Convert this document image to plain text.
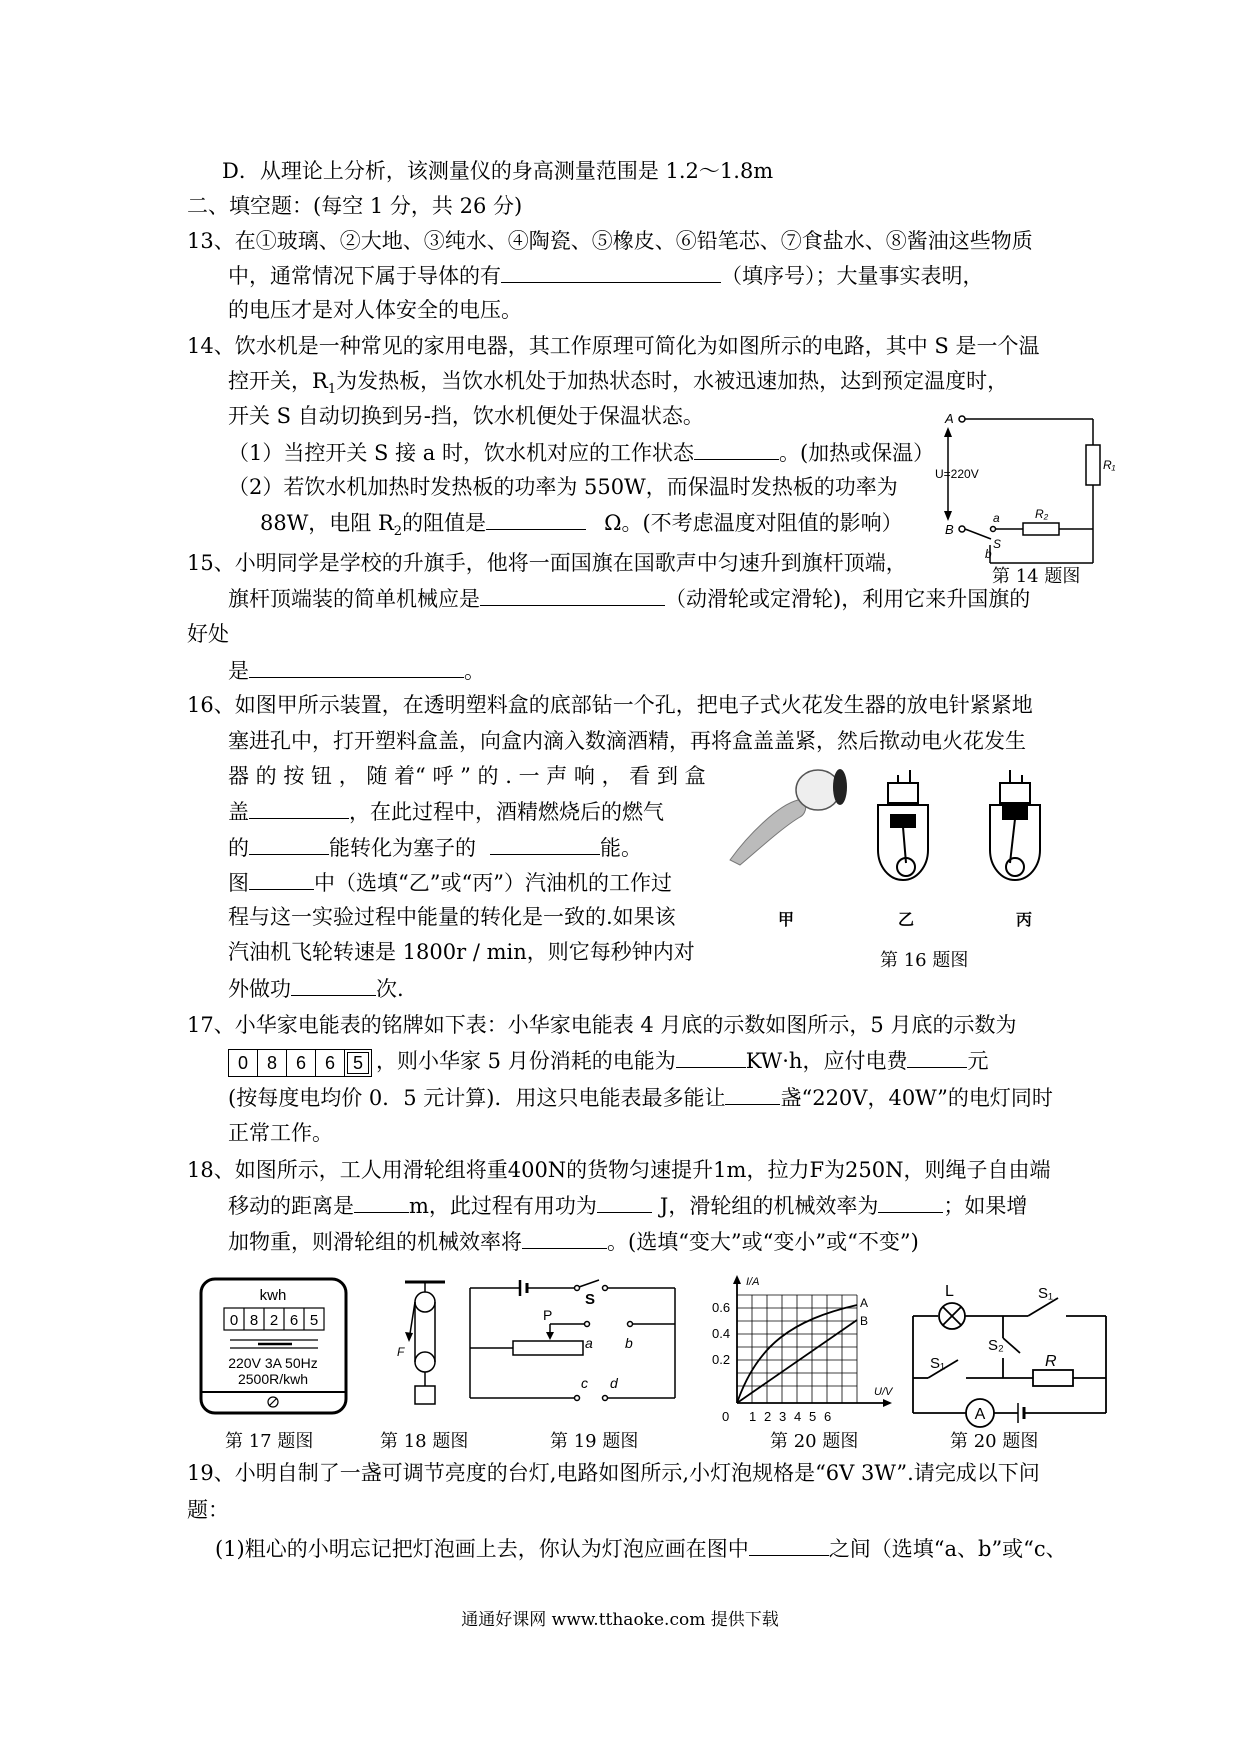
D．从理论上分析，该测量仪的身高测量范围是 1.2～1.8m
二、填空题：(每空 1 分，共 26 分)
13、在①玻璃、②大地、③纯水、④陶瓷、⑤橡皮、⑥铅笔芯、⑦食盐水、⑧酱油这些物质
中，通常情况下属于导体的有	（填序号）；大量事实表明，
的电压才是对人体安全的电压。
14、饮水机是一种常见的家用电器，其工作原理可简化为如图所示的电路，其中 S 是一个温
控开关，$R_1$为发热板，当饮水机处于加热状态时，水被迅速加热，达到预定温度时，
开关 S 自动切换到另-挡，饮水机便处于保温状态。
（1）当控开关 S 接 a 时，饮水机对应的工作状态	。(加热或保温）
（2）若饮水机加热时发热板的功率为 550W，而保温时发热板的功率为
88W，电阻 $R_2$的阻值是	Ω。(不考虑温度对阻值的影响）
15、小明同学是学校的升旗手，他将一面国旗在国歌声中匀速升到旗杆顶端，
旗杆顶端装的简单机械应是	（动滑轮或定滑轮)，利用它来升国旗的
好处
是	。
16、如图甲所示装置，在透明塑料盒的底部钻一个孔，把电子式火花发生器的放电针紧紧地
塞进孔中，打开塑料盒盖，向盒内滴入数滴酒精，再将盒盖盖紧，然后揿动电火花发生
器 的 按 钮 ， 随 着“ 呼 ” 的 . 一 声 响 ， 看 到 盒
盖	，在此过程中，酒精燃烧后的燃气
的	能转化为塞子的	能。
图	中（选填“乙”或“丙”）汽油机的工作过
程与这一实验过程中能量的转化是一致的.如果该
汽油机飞轮转速是 1800r / min，则它每秒钟内对
外做功	次.
17、小华家电能表的铭牌如下表：小华家电能表 4 月底的示数如图所示，5 月底的示数为
0	8	6	6 5 ，则小华家 5 月份消耗的电能为	KW·h，应付电费	元
(按每度电均价 0．5 元计算)．用这只电能表最多能让	盏“220V，40W”的电灯同时
正常工作。
18、如图所示，工人用滑轮组将重400N的货物匀速提升1m，拉力F为250N，则绳子自由端
移动的距离是	m，此过程有用功为	J，滑轮组的机械效率为	；如果增
加物重，则滑轮组的机械效率将	。(选填“变大”或“变小”或“不变”)
19、小明自制了一盏可调节亮度的台灯,电路如图所示,小灯泡规格是“6V 3W”.请完成以下问
题：
(1)粗心的小明忘记把灯泡画上去，你认为灯泡应画在图中	之间（选填“a、b”或“c、
通通好课网 www.tthaoke.com 提供下载
A
B
U=220V
R₁
R₂
a
S
b
第 14 题图
甲	乙	丙
第 16 题图
kwh
0 8 2 6 5
220V 3A 50Hz
2500R/kwh
F
S
P
a b
c d
I/A
U/V
0.6
0.4
0.2
0 1 2 3 4 5 6
A
B
L	S₁
S₂
S₁	R
A
第 17 题图	第 18 题图	第 19 题图	第 20 题图	第 20 题图
